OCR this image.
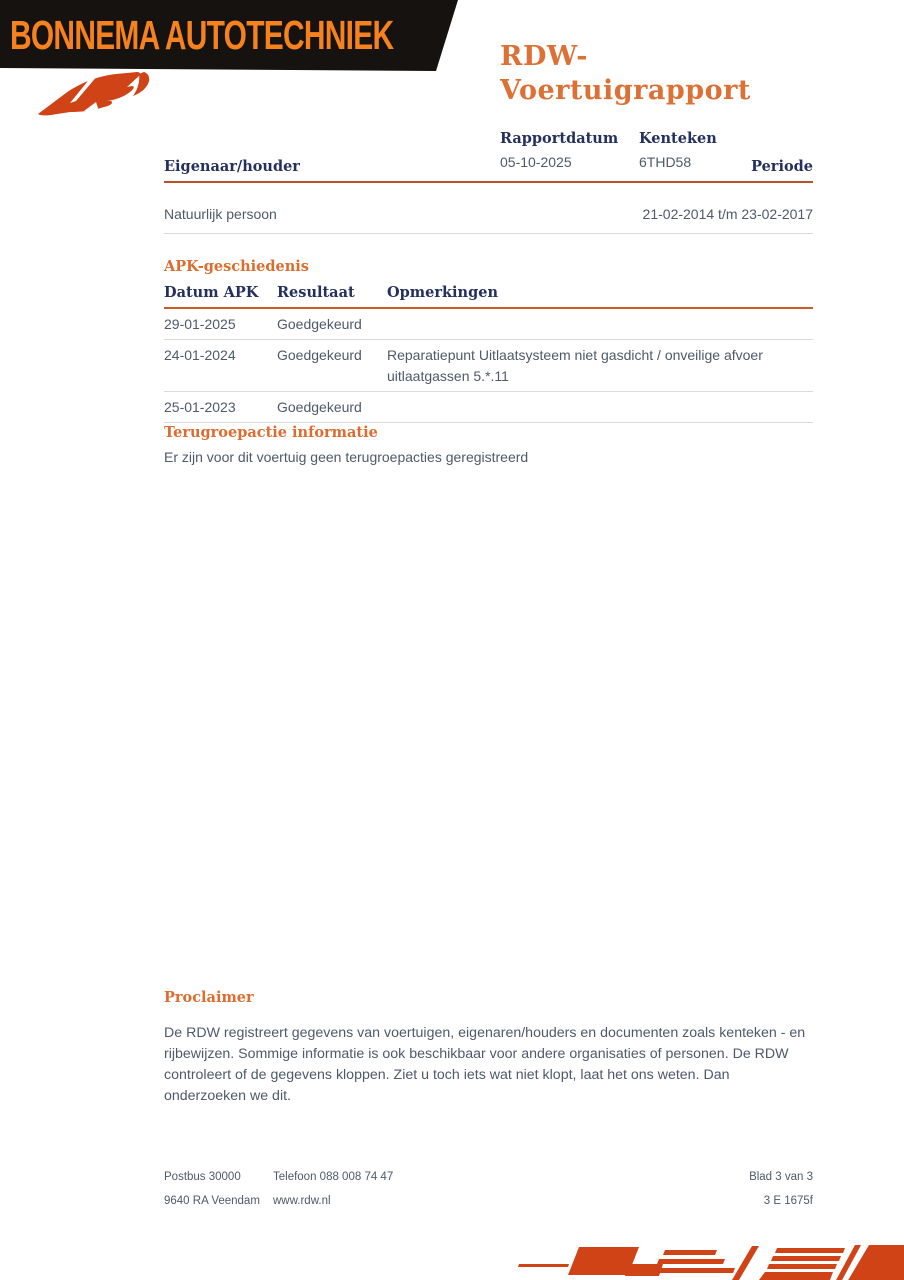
BONNEMA AUTOTECHNIEK	RDW-Voertuigrapport
Rapportdatum
05-10-2025
Kenteken
6THD58
Eigenaar/houder	Periode
Natuurlijk persoon	21-02-2014 t/m 23-02-2017
APK-geschiedenis
Datum APK	Resultaat	Opmerkingen
29-01-2025	Goedgekeurd
24-01-2024	Goedgekeurd	Reparatiepunt Uitlaatsysteem niet gasdicht / onveilige afvoer uitlaatgassen 5.*.11
25-01-2023	Goedgekeurd
Terugroepactie informatie
Er zijn voor dit voertuig geen terugroepacties geregistreerd
Proclaimer
De RDW registreert gegevens van voertuigen, eigenaren/houders en documenten zoals kenteken - en rijbewijzen. Sommige informatie is ook beschikbaar voor andere organisaties of personen. De RDW controleert of de gegevens kloppen. Ziet u toch iets wat niet klopt, laat het ons weten. Dan onderzoeken we dit.
Postbus 30000	Telefoon 088 008 74 47	Blad 3 van 3
9640 RA Veendam	www.rdw.nl	3 E 1675f
